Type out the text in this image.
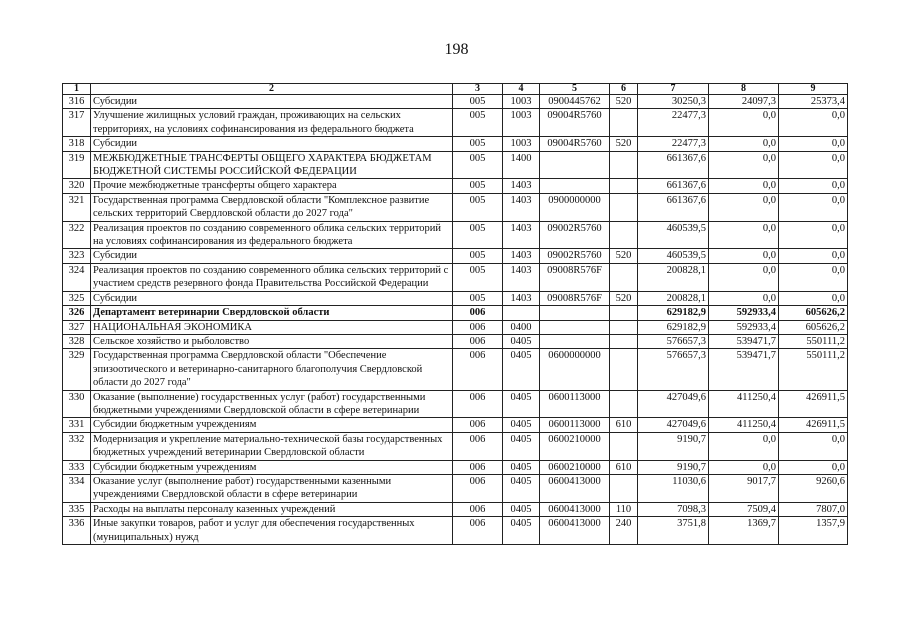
198
1	2	3	4	5	6	7	8	9
316	Субсидии	005	1003	0900445762	520	30250,3	24097,3	25373,4
317	Улучшение жилищных условий граждан, проживающих на сельских территориях, на условиях софинансирования из федерального бюджета	005	1003	09004R5760		22477,3	0,0	0,0
318	Субсидии	005	1003	09004R5760	520	22477,3	0,0	0,0
319	МЕЖБЮДЖЕТНЫЕ ТРАНСФЕРТЫ ОБЩЕГО ХАРАКТЕРА БЮДЖЕТАМ БЮДЖЕТНОЙ СИСТЕМЫ РОССИЙСКОЙ ФЕДЕРАЦИИ	005	1400			661367,6	0,0	0,0
320	Прочие межбюджетные трансферты общего характера	005	1403			661367,6	0,0	0,0
321	Государственная программа Свердловской области "Комплексное развитие сельских территорий Свердловской области до 2027 года"	005	1403	0900000000		661367,6	0,0	0,0
322	Реализация проектов по созданию современного облика сельских территорий на условиях софинансирования из федерального бюджета	005	1403	09002R5760		460539,5	0,0	0,0
323	Субсидии	005	1403	09002R5760	520	460539,5	0,0	0,0
324	Реализация проектов по созданию современного облика сельских территорий с участием средств резервного фонда Правительства Российской Федерации	005	1403	09008R576F		200828,1	0,0	0,0
325	Субсидии	005	1403	09008R576F	520	200828,1	0,0	0,0
326	Департамент ветеринарии Свердловской области	006				629182,9	592933,4	605626,2
327	НАЦИОНАЛЬНАЯ ЭКОНОМИКА	006	0400			629182,9	592933,4	605626,2
328	Сельское хозяйство и рыболовство	006	0405			576657,3	539471,7	550111,2
329	Государственная программа Свердловской области "Обеспечение эпизоотического и ветеринарно-санитарного благополучия Свердловской области до 2027 года"	006	0405	0600000000		576657,3	539471,7	550111,2
330	Оказание (выполнение) государственных услуг (работ) государственными бюджетными учреждениями Свердловской области в сфере ветеринарии	006	0405	0600113000		427049,6	411250,4	426911,5
331	Субсидии бюджетным учреждениям	006	0405	0600113000	610	427049,6	411250,4	426911,5
332	Модернизация и укрепление материально-технической базы государственных бюджетных учреждений ветеринарии Свердловской области	006	0405	0600210000		9190,7	0,0	0,0
333	Субсидии бюджетным учреждениям	006	0405	0600210000	610	9190,7	0,0	0,0
334	Оказание услуг (выполнение работ) государственными казенными учреждениями Свердловской области в сфере ветеринарии	006	0405	0600413000		11030,6	9017,7	9260,6
335	Расходы на выплаты персоналу казенных учреждений	006	0405	0600413000	110	7098,3	7509,4	7807,0
336	Иные закупки товаров, работ и услуг для обеспечения государственных (муниципальных) нужд	006	0405	0600413000	240	3751,8	1369,7	1357,9
